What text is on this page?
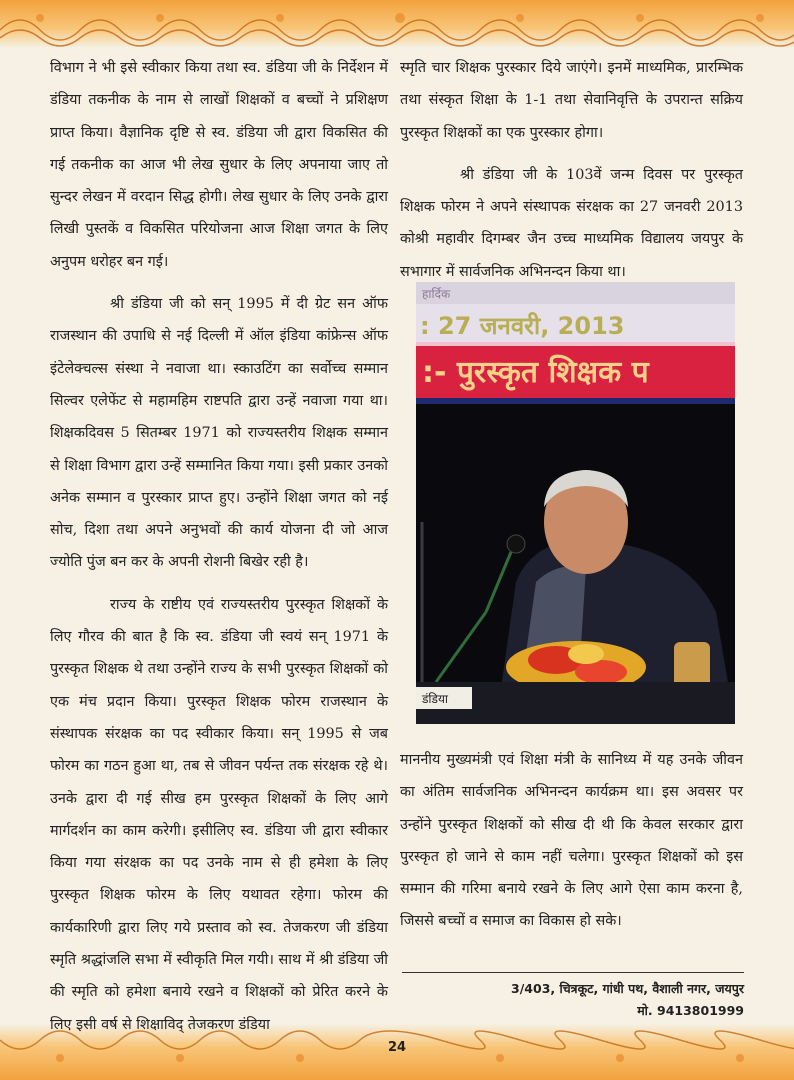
विभाग ने भी इसे स्वीकार किया तथा स्व. डंडिया जी के निर्देशन में डंडिया तकनीक के नाम से लाखों शिक्षकों व बच्चों ने प्रशिक्षण प्राप्त किया। वैज्ञानिक दृष्टि से स्व. डंडिया जी द्वारा विकसित की गई तकनीक का आज भी लेख सुधार के लिए अपनाया जाए तो सुन्दर लेखन में वरदान सिद्ध होगी। लेख सुधार के लिए उनके द्वारा लिखी पुस्तकें व विकसित परियोजना आज शिक्षा जगत के लिए अनुपम धरोहर बन गई।

श्री डंडिया जी को सन् 1995 में दी ग्रेट सन ऑफ राजस्थान की उपाधि से नई दिल्ली में ऑल इंडिया कांफ्रेन्स ऑफ इंटेलेक्चल्स संस्था ने नवाजा था। स्काउटिंग का सर्वोच्च सम्मान सिल्वर एलेफेंट से महामहिम राष्टपति द्वारा उन्हें नवाजा गया था। शिक्षकदिवस 5 सितम्बर 1971 को राज्यस्तरीय शिक्षक सम्मान से शिक्षा विभाग द्वारा उन्हें सम्मानित किया गया। इसी प्रकार उनको अनेक सम्मान व पुरस्कार प्राप्त हुए। उन्होंने शिक्षा जगत को नई सोच, दिशा तथा अपने अनुभवों की कार्य योजना दी जो आज ज्योति पुंज बन कर के अपनी रोशनी बिखेर रही है।

राज्य के राष्टीय एवं राज्यस्तरीय पुरस्कृत शिक्षकों के लिए गौरव की बात है कि स्व. डंडिया जी स्वयं सन् 1971 के पुरस्कृत शिक्षक थे तथा उन्होंने राज्य के सभी पुरस्कृत शिक्षकों को एक मंच प्रदान किया। पुरस्कृत शिक्षक फोरम राजस्थान के संस्थापक संरक्षक का पद स्वीकार किया। सन् 1995 से जब फोरम का गठन हुआ था, तब से जीवन पर्यन्त तक संरक्षक रहे थे। उनके द्वारा दी गई सीख हम पुरस्कृत शिक्षकों के लिए आगे मार्गदर्शन का काम करेगी। इसीलिए स्व. डंडिया जी द्वारा स्वीकार किया गया संरक्षक का पद उनके नाम से ही हमेशा के लिए पुरस्कृत शिक्षक फोरम के लिए यथावत रहेगा। फोरम की कार्यकारिणी द्वारा लिए गये प्रस्ताव को स्व. तेजकरण जी डंडिया स्मृति श्रद्धांजलि सभा में स्वीकृति मिल गयी। साथ में श्री डंडिया जी की स्मृति को हमेशा बनाये रखने व शिक्षकों को प्रेरित करने के लिए इसी वर्ष से शिक्षाविद् तेजकरण डंडिया

स्मृति चार शिक्षक पुरस्कार दिये जाएंगे। इनमें माध्यमिक, प्रारम्भिक तथा संस्कृत शिक्षा के 1-1 तथा सेवानिवृत्ति के उपरान्त सक्रिय पुरस्कृत शिक्षकों का एक पुरस्कार होगा।

श्री डंडिया जी के 103वें जन्म दिवस पर पुरस्कृत शिक्षक फोरम ने अपने संस्थापक संरक्षक का 27 जनवरी 2013 कोश्री महावीर दिगम्बर जैन उच्च माध्यमिक विद्यालय जयपुर के सभागार में सार्वजनिक अभिनन्दन किया था।

हार्दिक
: 27 जनवरी, 2013
:- पुरस्कृत शिक्षक प
डंडिया

माननीय मुख्यमंत्री एवं शिक्षा मंत्री के सानिध्य में यह उनके जीवन का अंतिम सार्वजनिक अभिनन्दन कार्यक्रम था। इस अवसर पर उन्होंने पुरस्कृत शिक्षकों को सीख दी थी कि केवल सरकार द्वारा पुरस्कृत हो जाने से काम नहीं चलेगा। पुरस्कृत शिक्षकों को इस सम्मान की गरिमा बनाये रखने के लिए आगे ऐसा काम करना है, जिससे बच्चों व समाज का विकास हो सके।

3/403, चित्रकूट, गांधी पथ, वैशाली नगर, जयपुर
मो. 9413801999
24
